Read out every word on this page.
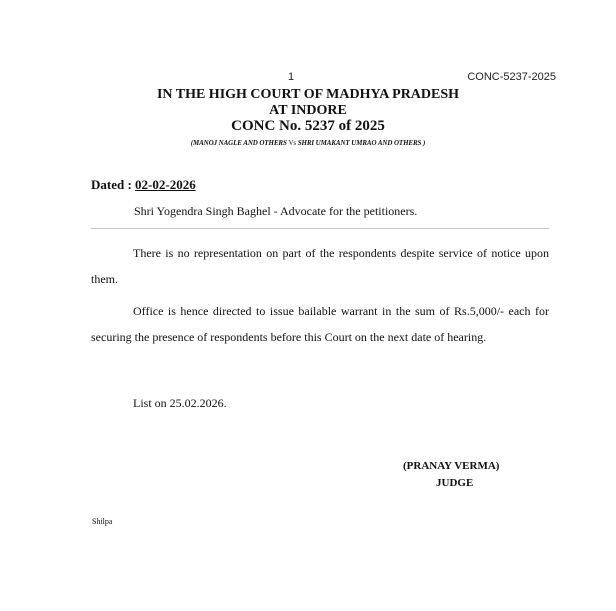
1	CONC-5237-2025
IN THE HIGH COURT OF MADHYA PRADESH
AT INDORE
CONC No. 5237 of 2025
(MANOJ NAGLE AND OTHERS Vs SHRI UMAKANT UMRAO AND OTHERS )
Dated : 02-02-2026
Shri Yogendra Singh Baghel - Advocate for the petitioners.

There is no representation on part of the respondents despite service of notice upon them.

Office is hence directed to issue bailable warrant in the sum of Rs.5,000/- each for securing the presence of respondents before this Court on the next date of hearing.

List on 25.02.2026.

(PRANAY VERMA)
JUDGE
Shilpa
